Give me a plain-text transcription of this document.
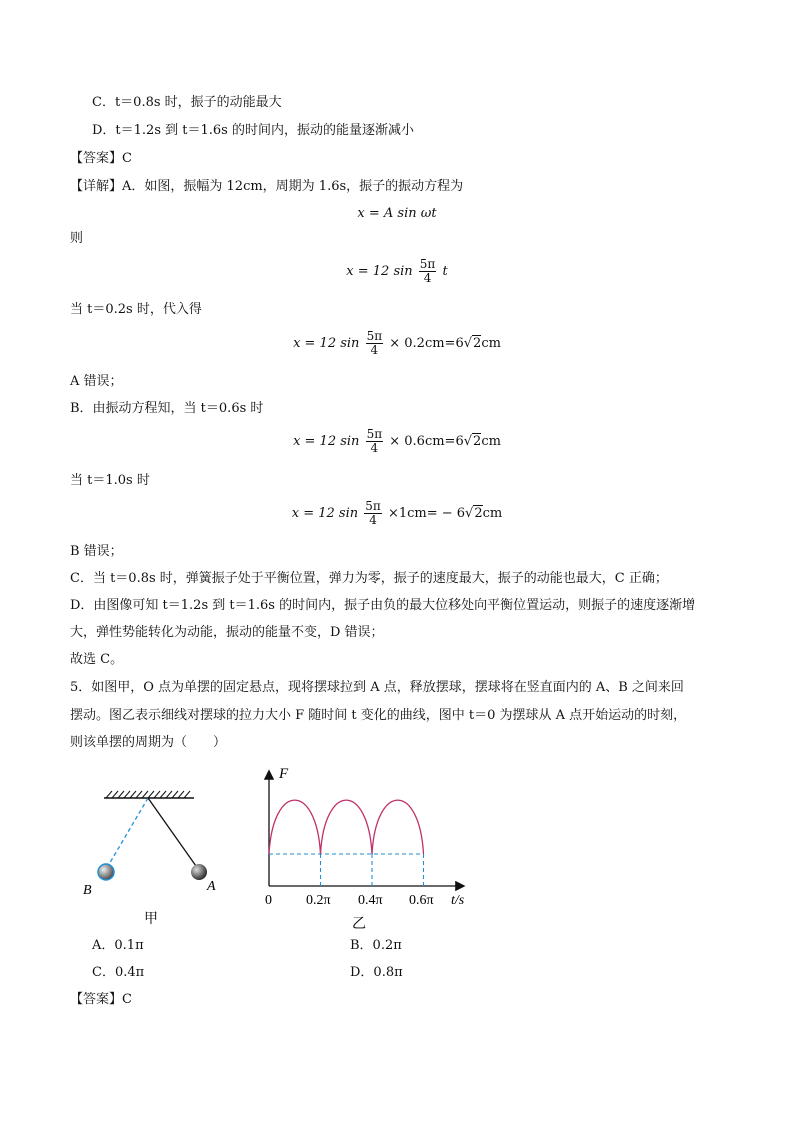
C．t＝0.8s 时，振子的动能最大
D．t＝1.2s 到 t＝1.6s 的时间内，振动的能量逐渐减小
【答案】C
【详解】A．如图，振幅为 12cm，周期为 1.6s，振子的振动方程为
x = A sin ωt
则
x = 12 $\sin \frac{5\pi}{4}$ t
当 t＝0.2s 时，代入得
x = 12 $\sin \frac{5\pi}{4} \times 0.2cm=6√2cm$
A 错误；
B．由振动方程知，当 t＝0.6s 时
x = 12 $\sin \frac{5\pi}{4} \times 0.6cm=6√2cm$
当 t＝1.0s 时
x = 12 $\sin \frac{5\pi}{4} \times 1cm= - 6√2cm$
B 错误；
C．当 t＝0.8s 时，弹簧振子处于平衡位置，弹力为零，振子的速度最大，振子的动能也最大，C 正确；
D．由图像可知 t＝1.2s 到 t＝1.6s 的时间内，振子由负的最大位移处向平衡位置运动，则振子的速度逐渐增
大，弹性势能转化为动能，振动的能量不变，D 错误；
故选 C。
5．如图甲，O 点为单摆的固定悬点，现将摆球拉到 A 点，释放摆球，摆球将在竖直面内的 A、B 之间来回
摆动。图乙表示细线对摆球的拉力大小 F 随时间 t 变化的曲线，图中 t＝0 为摆球从 A 点开始运动的时刻，
则该单摆的周期为（　　）
A
B
甲
F
0 0.2π 0.4π 0.6π t/s
乙
A．0.1π	B．0.2π
C．0.4π	D．0.8π
【答案】C
